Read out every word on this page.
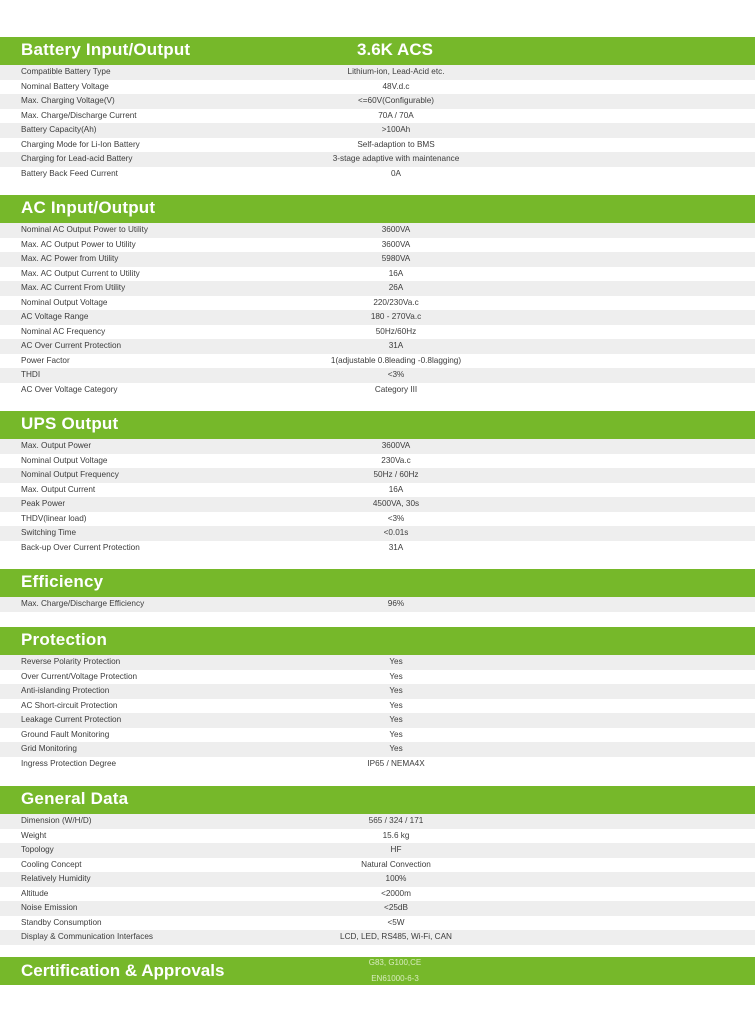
Battery Input/Output	3.6K ACS
Compatible Battery Type	Lithium-ion, Lead-Acid etc.
Nominal Battery Voltage	48V.d.c
Max. Charging Voltage(V)	<=60V(Configurable)
Max. Charge/Discharge Current	70A / 70A
Battery Capacity(Ah)	>100Ah
Charging Mode for Li-Ion Battery	Self-adaption to BMS
Charging for Lead-acid Battery	3-stage adaptive with maintenance
Battery Back Feed Current	0A
AC Input/Output
Nominal AC Output Power to Utility	3600VA
Max. AC Output Power to Utility	3600VA
Max. AC Power from Utility	5980VA
Max. AC Output Current to Utility	16A
Max. AC Current From Utility	26A
Nominal Output Voltage	220/230Va.c
AC Voltage Range	180 - 270Va.c
Nominal AC Frequency	50Hz/60Hz
AC Over Current Protection	31A
Power Factor	1(adjustable 0.8leading -0.8lagging)
THDI	<3%
AC Over Voltage Category	Category III
UPS Output
Max. Output Power	3600VA
Nominal Output Voltage	230Va.c
Nominal Output Frequency	50Hz / 60Hz
Max. Output Current	16A
Peak Power	4500VA, 30s
THDV(linear load)	<3%
Switching Time	<0.01s
Back-up Over Current Protection	31A
Efficiency
Max. Charge/Discharge Efficiency	96%
Protection
Reverse Polarity Protection	Yes
Over Current/Voltage Protection	Yes
Anti-islanding Protection	Yes
AC Short-circuit Protection	Yes
Leakage Current Protection	Yes
Ground Fault Monitoring	Yes
Grid Monitoring	Yes
Ingress Protection Degree	IP65 / NEMA4X
General Data
Dimension (W/H/D)	565 / 324 / 171
Weight	15.6 kg
Topology	HF
Cooling Concept	Natural Convection
Relatively Humidity	100%
Altitude	<2000m
Noise Emission	<25dB
Standby Consumption	<5W
Display & Communication Interfaces	LCD, LED, RS485, Wi-Fi, CAN
Certification & Approvals	G83, G100,CE
EN61000-6-3
